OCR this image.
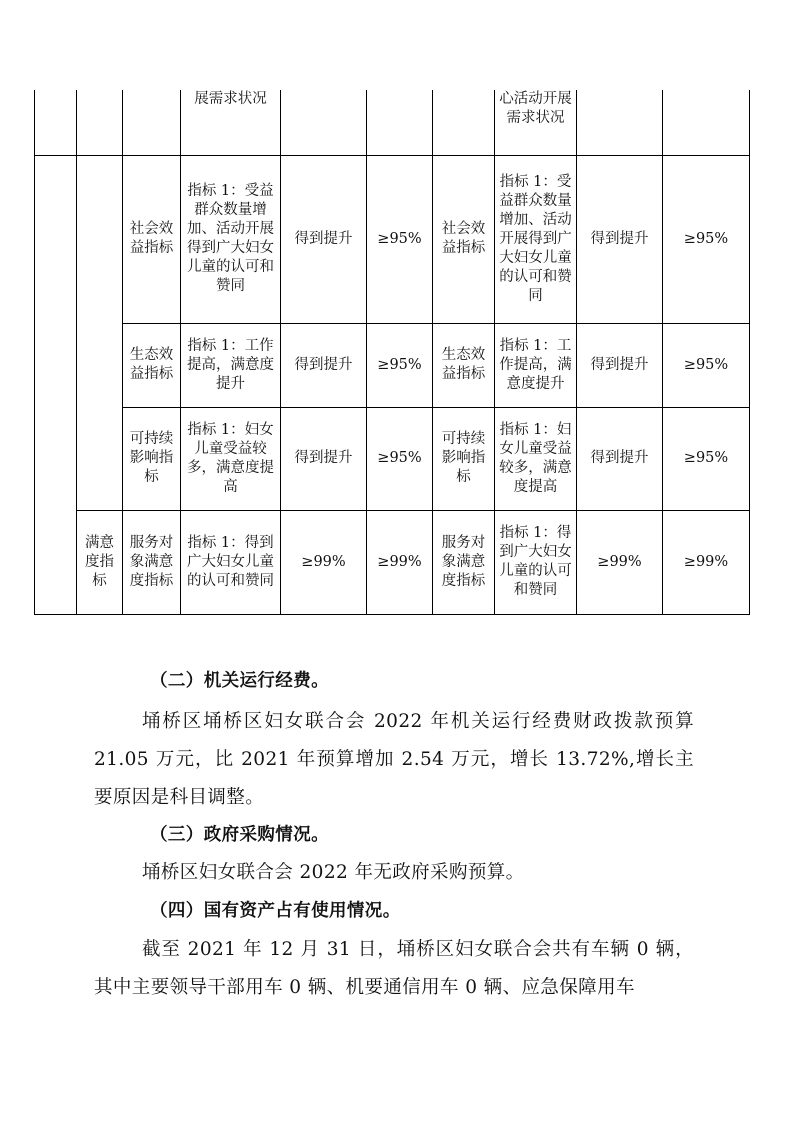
			展需求状况				心活动开展需求状况		
		社会效益指标	指标 1：受益群众数量增加、活动开展得到广大妇女儿童的认可和赞同	得到提升	≥95%	社会效益指标	指标 1：受益群众数量增加、活动开展得到广大妇女儿童的认可和赞同	得到提升	≥95%
		生态效益指标	指标 1：工作提高，满意度提升	得到提升	≥95%	生态效益指标	指标 1：工作提高，满意度提升	得到提升	≥95%
		可持续影响指标	指标 1：妇女儿童受益较多，满意度提高	得到提升	≥95%	可持续影响指标	指标 1：妇女儿童受益较多，满意度提高	得到提升	≥95%
	满意度指标	服务对象满意度指标	指标 1：得到广大妇女儿童的认可和赞同	≥99%	≥99%	服务对象满意度指标	指标 1：得到广大妇女儿童的认可和赞同	≥99%	≥99%
（二）机关运行经费。
埇桥区埇桥区妇女联合会 2022 年机关运行经费财政拨款预算 21.05 万元，比 2021 年预算增加 2.54 万元，增长 13.72%,增长主要原因是科目调整。
（三）政府采购情况。
埇桥区妇女联合会 2022 年无政府采购预算。
（四）国有资产占有使用情况。
截至 2021 年 12 月 31 日，埇桥区妇女联合会共有车辆 0 辆，其中主要领导干部用车 0 辆、机要通信用车 0 辆、应急保障用车
